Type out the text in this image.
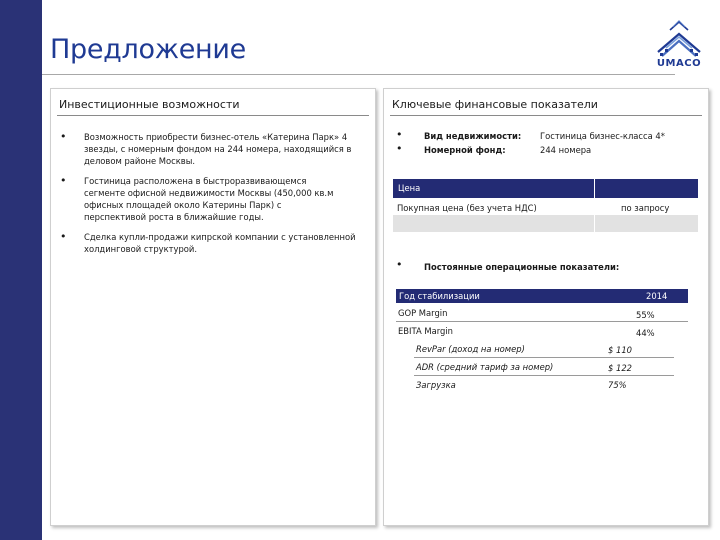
Предложение	UMACO
Инвестиционные возможности
• Возможность приобрести бизнес-отель «Катерина Парк» 4 звезды, с номерным фондом на 244 номера, находящийся в деловом районе Москвы.
• Гостиница расположена в быстроразвивающемся сегменте офисной недвижимости Москвы (450,000 кв.м офисных площадей около Катерины Парк) с перспективой роста в ближайшие годы.
• Сделка купли-продажи кипрской компании с установленной холдинговой структурой.
Ключевые финансовые показатели
•	Вид недвижимости: Гостиница бизнес-класса 4*
•	Номерной фонд:	244 номера
Цена
Покупная цена (без учета НДС)	по запросу
•	Постоянные операционные показатели:
Год стабилизации	2014
GOP Margin	55%
EBITA Margin	44%
RevPar (доход на номер)	$ 110
ADR (средний тариф за номер)	$ 122
Загрузка	75%
